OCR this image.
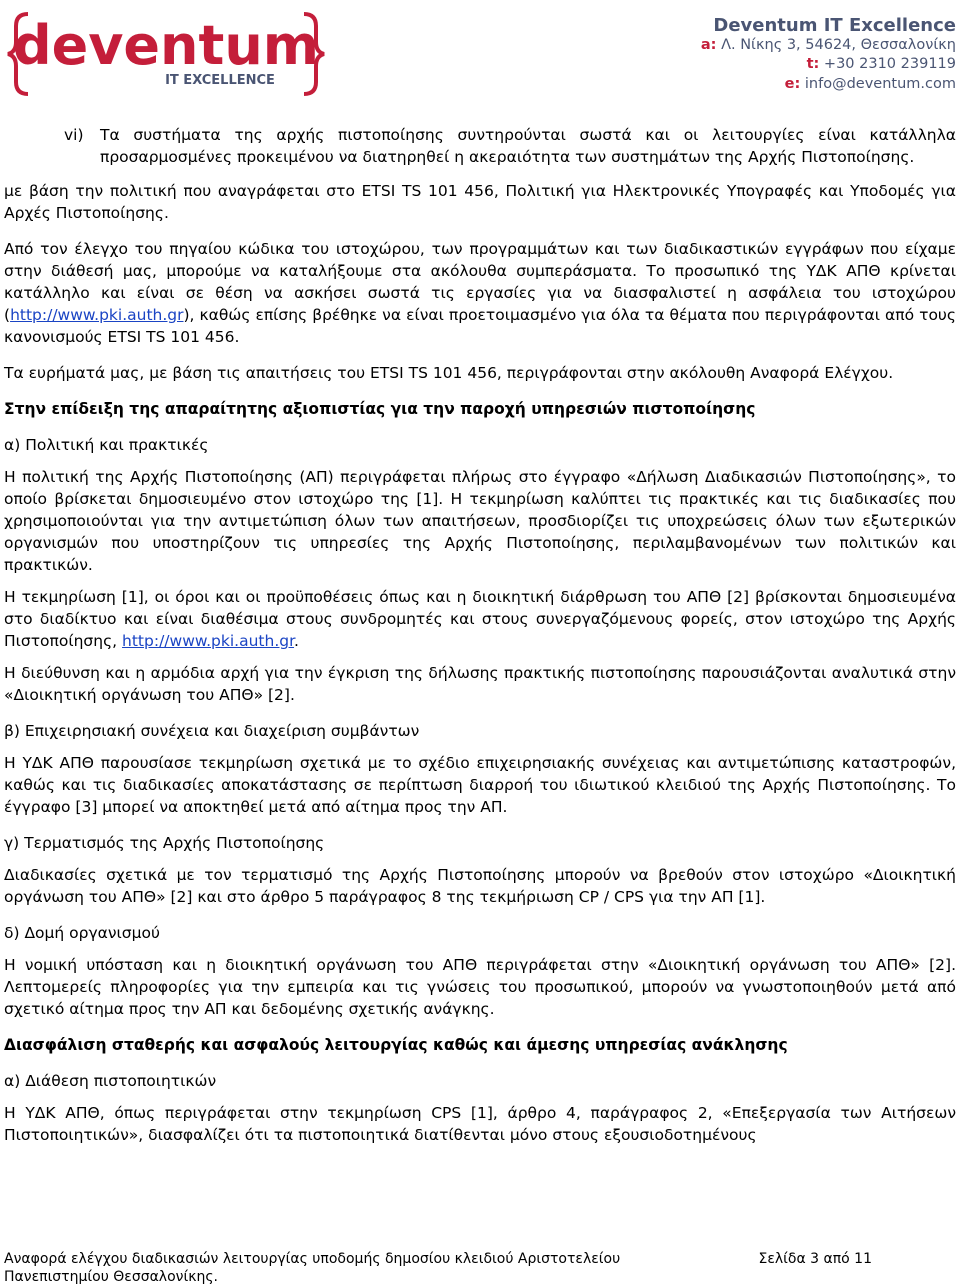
deventum
IT EXCELLENCE
Deventum IT Excellence
a: Λ. Νίκης 3, 54624, Θεσσαλονίκη
t: +30 2310 239119
e: info@deventum.com
vi)	Τα συστήματα της αρχής πιστοποίησης συντηρούνται σωστά και οι λειτουργίες είναι κατάλληλα προσαρμοσμένες προκειμένου να διατηρηθεί η ακεραιότητα των συστημάτων της Αρχής Πιστοποίησης.

με βάση την πολιτική που αναγράφεται στο ETSI TS 101 456, Πολιτική για Ηλεκτρονικές Υπογραφές και Υποδομές για Αρχές Πιστοποίησης.

Από τον έλεγχο του πηγαίου κώδικα του ιστοχώρου, των προγραμμάτων και των διαδικαστικών εγγράφων που είχαμε στην διάθεσή μας, μπορούμε να καταλήξουμε στα ακόλουθα συμπεράσματα. Το προσωπικό της ΥΔΚ ΑΠΘ κρίνεται κατάλληλο και είναι σε θέση να ασκήσει σωστά τις εργασίες για να διασφαλιστεί η ασφάλεια του ιστοχώρου (http://www.pki.auth.gr), καθώς επίσης βρέθηκε να είναι προετοιμασμένο για όλα τα θέματα που περιγράφονται από τους κανονισμούς ETSI TS 101 456.

Τα ευρήματά μας, με βάση τις απαιτήσεις του ETSI TS 101 456, περιγράφονται στην ακόλουθη Αναφορά Ελέγχου.

Στην επίδειξη της απαραίτητης αξιοπιστίας για την παροχή υπηρεσιών πιστοποίησης

α) Πολιτική και πρακτικές

Η πολιτική της Αρχής Πιστοποίησης (ΑΠ) περιγράφεται πλήρως στο έγγραφο «Δήλωση Διαδικασιών Πιστοποίησης», το οποίο βρίσκεται δημοσιευμένο στον ιστοχώρο της [1]. Η τεκμηρίωση καλύπτει τις πρακτικές και τις διαδικασίες που χρησιμοποιούνται για την αντιμετώπιση όλων των απαιτήσεων, προσδιορίζει τις υποχρεώσεις όλων των εξωτερικών οργανισμών που υποστηρίζουν τις υπηρεσίες της Αρχής Πιστοποίησης, περιλαμβανομένων των πολιτικών και πρακτικών.

Η τεκμηρίωση [1], οι όροι και οι προϋποθέσεις όπως και η διοικητική διάρθρωση του ΑΠΘ [2] βρίσκονται δημοσιευμένα στο διαδίκτυο και είναι διαθέσιμα στους συνδρομητές και στους συνεργαζόμενους φορείς, στον ιστοχώρο της Αρχής Πιστοποίησης, http://www.pki.auth.gr.

Η διεύθυνση και η αρμόδια αρχή για την έγκριση της δήλωσης πρακτικής πιστοποίησης παρουσιάζονται αναλυτικά στην «Διοικητική οργάνωση του ΑΠΘ» [2].

β) Επιχειρησιακή συνέχεια και διαχείριση συμβάντων

Η ΥΔΚ ΑΠΘ παρουσίασε τεκμηρίωση σχετικά με το σχέδιο επιχειρησιακής συνέχειας και αντιμετώπισης καταστροφών, καθώς και τις διαδικασίες αποκατάστασης σε περίπτωση διαρροή του ιδιωτικού κλειδιού της Αρχής Πιστοποίησης. Το έγγραφο [3] μπορεί να αποκτηθεί μετά από αίτημα προς την ΑΠ.

γ) Τερματισμός της Αρχής Πιστοποίησης

Διαδικασίες σχετικά με τον τερματισμό της Αρχής Πιστοποίησης μπορούν να βρεθούν στον ιστοχώρο «Διοικητική οργάνωση του ΑΠΘ» [2] και στο άρθρο 5 παράγραφος 8 της τεκμήριωση CP / CPS για την ΑΠ [1].

δ) Δομή οργανισμού

Η νομική υπόσταση και η διοικητική οργάνωση του ΑΠΘ περιγράφεται στην «Διοικητική οργάνωση του ΑΠΘ» [2]. Λεπτομερείς πληροφορίες για την εμπειρία και τις γνώσεις του προσωπικού, μπορούν να γνωστοποιηθούν μετά από σχετικό αίτημα προς την ΑΠ και δεδομένης σχετικής ανάγκης.

Διασφάλιση σταθερής και ασφαλούς λειτουργίας καθώς και άμεσης υπηρεσίας ανάκλησης

α) Διάθεση πιστοποιητικών

Η ΥΔΚ ΑΠΘ, όπως περιγράφεται στην τεκμηρίωση CPS [1], άρθρο 4, παράγραφος 2, «Επεξεργασία των Αιτήσεων Πιστοποιητικών», διασφαλίζει ότι τα πιστοποιητικά διατίθενται μόνο στους εξουσιοδοτημένους

Αναφορά ελέγχου διαδικασιών λειτουργίας υποδομής δημοσίου κλειδιού Αριστοτελείου
Πανεπιστημίου Θεσσαλονίκης.
Σελίδα 3 από 11
